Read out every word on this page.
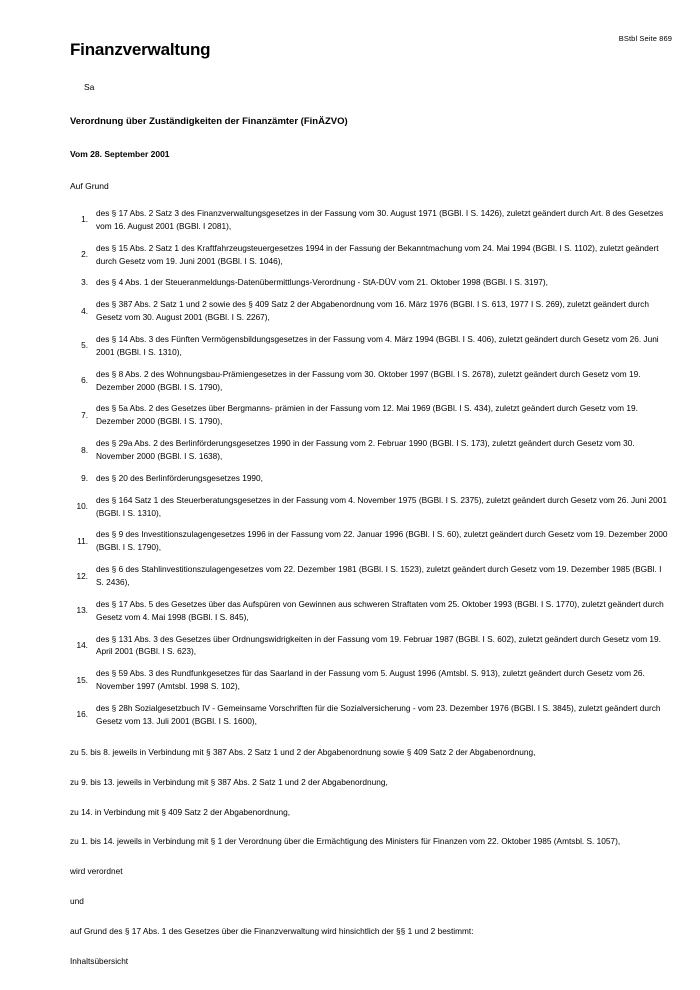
BStbl Seite 869
Finanzverwaltung
Sa
Verordnung über Zuständigkeiten der Finanzämter (FinÄZVO)
Vom 28. September 2001
Auf Grund
1.
des § 17 Abs. 2 Satz 3 des Finanzverwaltungsgesetzes in der Fassung vom 30. August 1971 (BGBl. I S. 1426), zuletzt geändert durch Art. 8 des Gesetzes vom 16. August 2001 (BGBl. I 2081),
2.
des § 15 Abs. 2 Satz 1 des Kraftfahrzeugsteuergesetzes 1994 in der Fassung der Bekanntmachung vom 24. Mai 1994 (BGBl. I S. 1102), zuletzt geändert durch Gesetz vom 19. Juni 2001 (BGBl. I S. 1046),
3. des § 4 Abs. 1 der Steueranmeldungs-Datenübermittlungs-Verordnung - StA-DÜV vom 21. Oktober 1998 (BGBl. I S. 3197),
4.
des § 387 Abs. 2 Satz 1 und 2 sowie des § 409 Satz 2 der Abgabenordnung vom 16. März 1976 (BGBl. I S. 613, 1977 I S. 269), zuletzt geändert durch Gesetz vom 30. August 2001 (BGBl. I S. 2267),
5.
des § 14 Abs. 3 des Fünften Vermögensbildungsgesetzes in der Fassung vom 4. März 1994 (BGBl. I S. 406), zuletzt geändert durch Gesetz vom 26. Juni 2001 (BGBl. I S. 1310),
6.
des § 8 Abs. 2 des Wohnungsbau-Prämiengesetzes in der Fassung vom 30. Oktober 1997 (BGBl. I S. 2678), zuletzt geändert durch Gesetz vom 19. Dezember 2000 (BGBl. I S. 1790),
7.
des § 5a Abs. 2 des Gesetzes über Bergmanns- prämien in der Fassung vom 12. Mai 1969 (BGBl. I S. 434), zuletzt geändert durch Gesetz vom 19. Dezember 2000 (BGBl. I S. 1790),
8.
des § 29a Abs. 2 des Berlinförderungsgesetzes 1990 in der Fassung vom 2. Februar 1990 (BGBl. I S. 173), zuletzt geändert durch Gesetz vom 30. November 2000 (BGBl. I S. 1638),
9. des § 20 des Berlinförderungsgesetzes 1990,
10.
des § 164 Satz 1 des Steuerberatungsgesetzes in der Fassung vom 4. November 1975 (BGBl. I S. 2375), zuletzt geändert durch Gesetz vom 26. Juni 2001 (BGBl. I S. 1310),
11.
des § 9 des Investitionszulagengesetzes 1996 in der Fassung vom 22. Januar 1996 (BGBl. I S. 60), zuletzt geändert durch Gesetz vom 19. Dezember 2000 (BGBl. I S. 1790),
12.
des § 6 des Stahlinvestitionszulagengesetzes vom 22. Dezember 1981 (BGBl. I S. 1523), zuletzt geändert durch Gesetz vom 19. Dezember 1985 (BGBl. I S. 2436),
13.
des § 17 Abs. 5 des Gesetzes über das Aufspüren von Gewinnen aus schweren Straftaten vom 25. Oktober 1993 (BGBl. I S. 1770), zuletzt geändert durch Gesetz vom 4. Mai 1998 (BGBl. I S. 845),
14.
des § 131 Abs. 3 des Gesetzes über Ordnungswidrigkeiten in der Fassung vom 19. Februar 1987 (BGBl. I S. 602), zuletzt geändert durch Gesetz vom 19. April 2001 (BGBl. I S. 623),
15.
des § 59 Abs. 3 des Rundfunkgesetzes für das Saarland in der Fassung vom 5. August 1996 (Amtsbl. S. 913), zuletzt geändert durch Gesetz vom 26. November 1997 (Amtsbl. 1998 S. 102),
16.
des § 28h Sozialgesetzbuch IV - Gemeinsame Vorschriften für die Sozialversicherung - vom 23. Dezember 1976 (BGBl. I S. 3845), zuletzt geändert durch Gesetz vom 13. Juli 2001 (BGBl. I S. 1600),

zu 5. bis 8. jeweils in Verbindung mit § 387 Abs. 2 Satz 1 und 2 der Abgabenordnung sowie § 409 Satz 2 der Abgabenordnung,

zu 9. bis 13. jeweils in Verbindung mit § 387 Abs. 2 Satz 1 und 2 der Abgabenordnung,

zu 14. in Verbindung mit § 409 Satz 2 der Abgabenordnung,

zu 1. bis 14. jeweils in Verbindung mit § 1 der Verordnung über die Ermächtigung des Ministers für Finanzen vom 22. Oktober 1985 (Amtsbl. S. 1057),

wird verordnet

und

auf Grund des § 17 Abs. 1 des Gesetzes über die Finanzverwaltung wird hinsichtlich der §§ 1 und 2 bestimmt:

Inhaltsübersicht
